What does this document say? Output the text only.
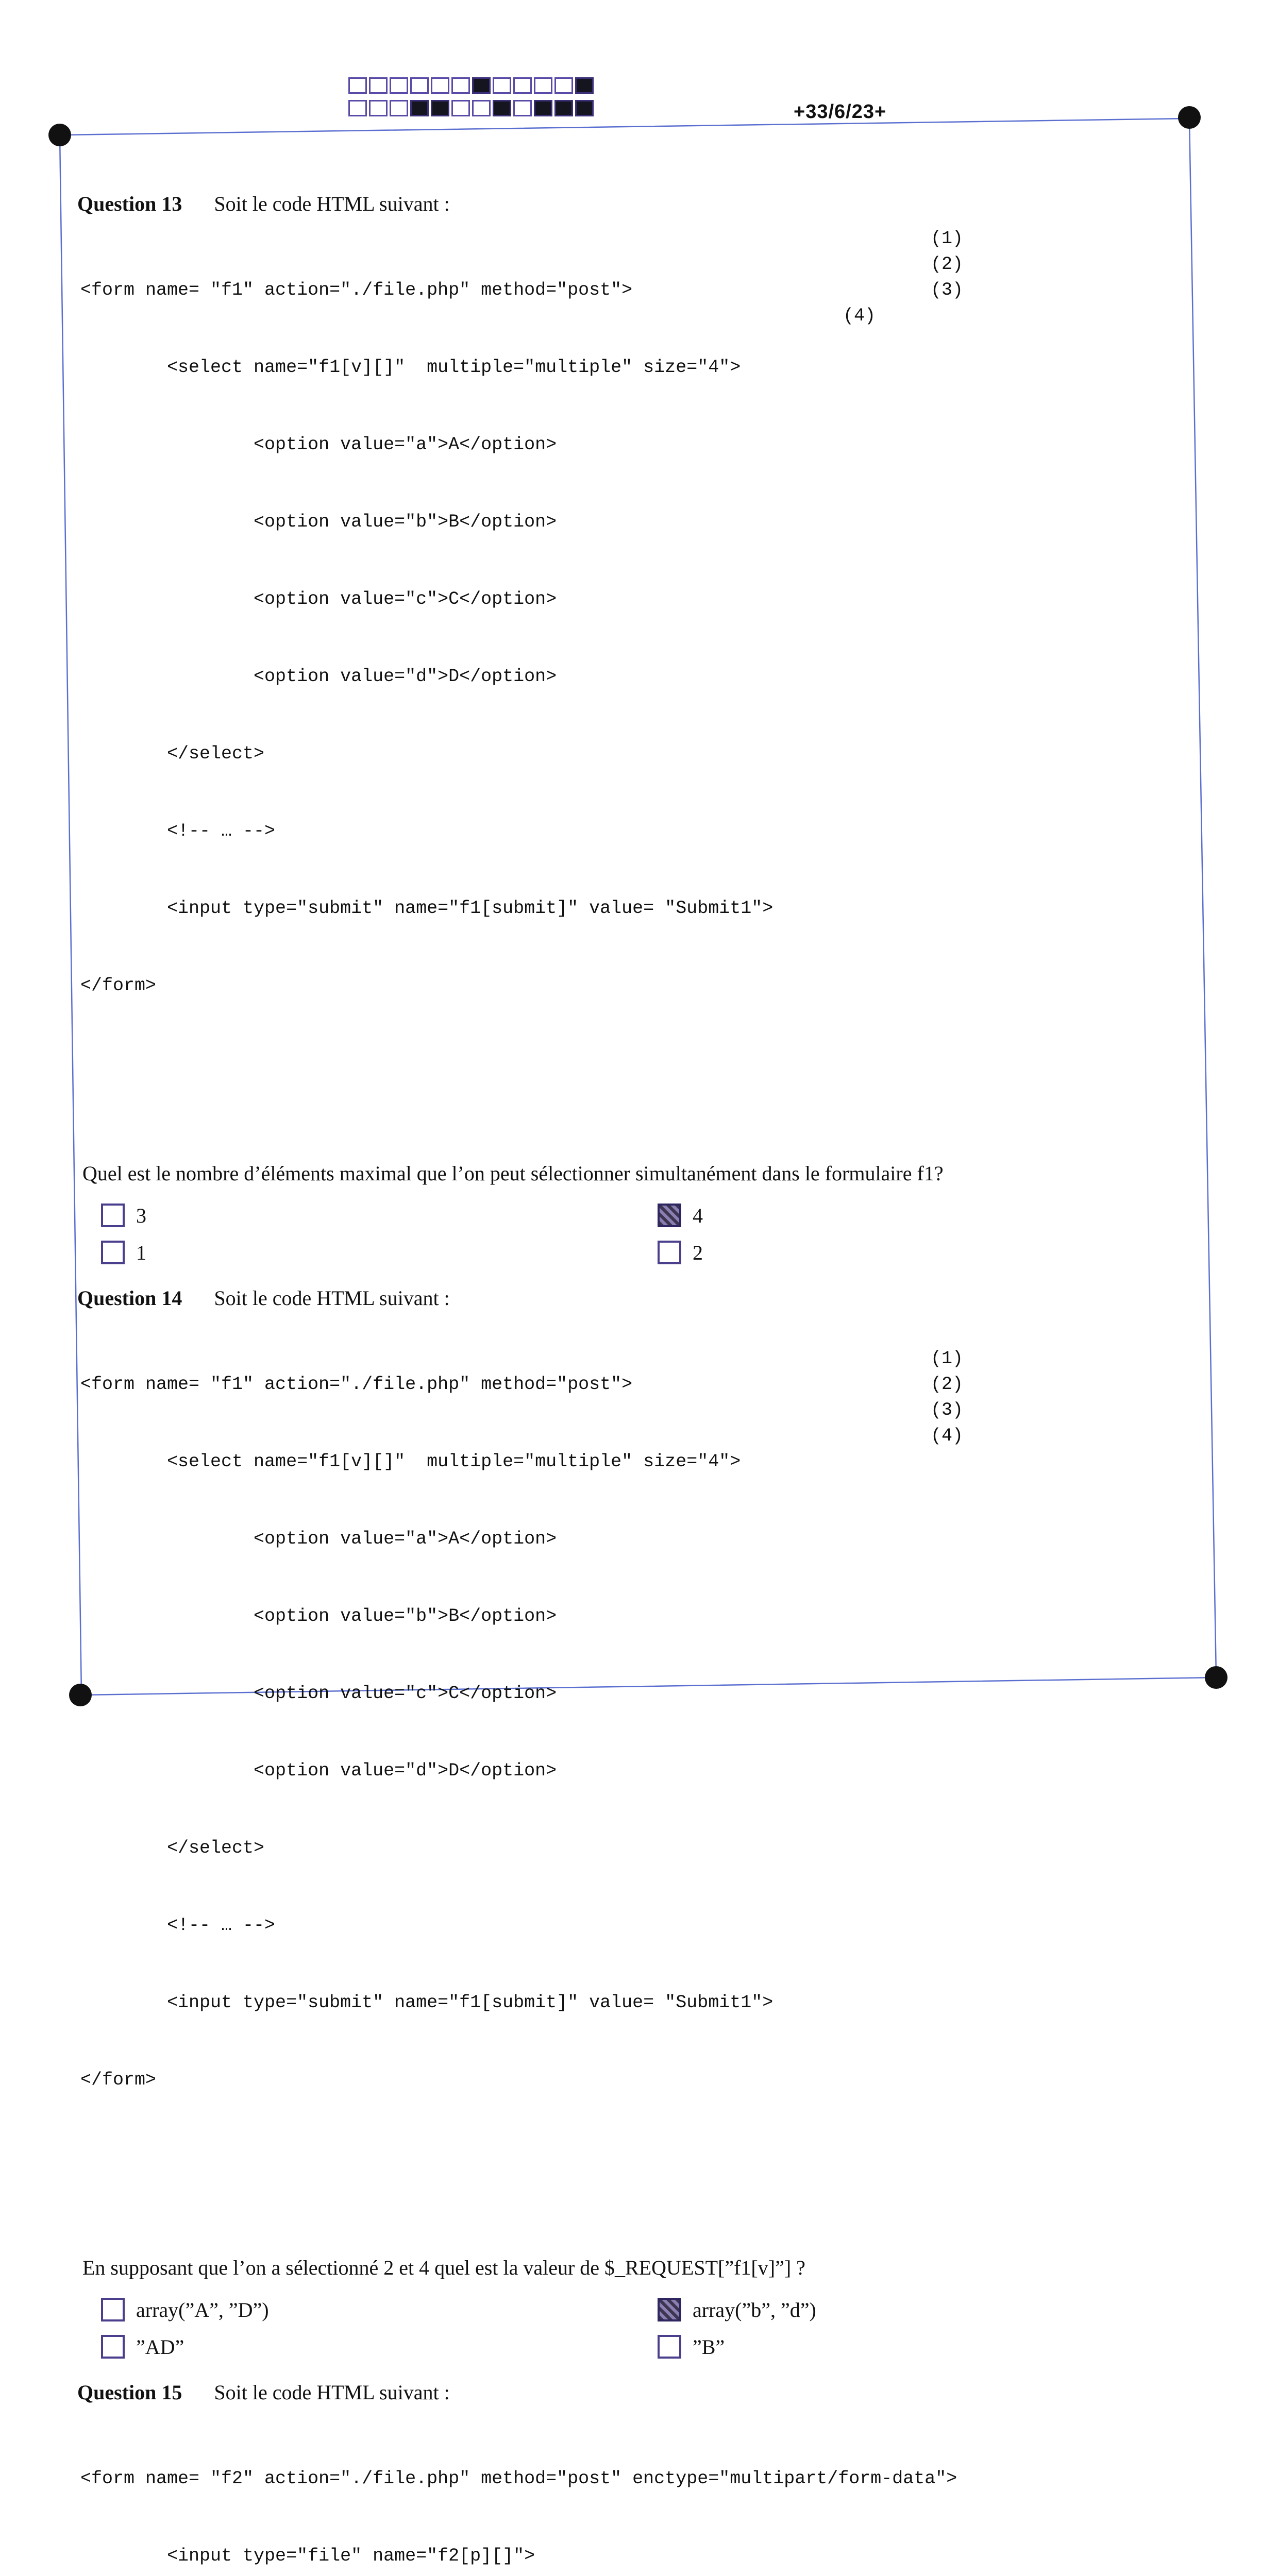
+33/6/23+
Question 13 Soit le code HTML suivant :

<form name= "f1" action="./file.php" method="post">

<select name="f1[v][]"  multiple="multiple" size="4">

<option value="a">A</option>

<option value="b">B</option>

<option value="c">C</option>

<option value="d">D</option>

</select>

<!-- … -->

<input type="submit" name="f1[submit]" value= "Submit1">

</form>

(1)

(2)

(3)

(4)

Quel est le nombre d’éléments maximal que l’on peut sélectionner simultanément dans le formulaire f1?
3	4
1	2
Question 14 Soit le code HTML suivant :

<form name= "f1" action="./file.php" method="post">

<select name="f1[v][]"  multiple="multiple" size="4">

<option value="a">A</option>

<option value="b">B</option>

<option value="c">C</option>

<option value="d">D</option>

</select>

<!-- … -->

<input type="submit" name="f1[submit]" value= "Submit1">

</form>

(1)

(2)

(3)

(4)

En supposant que l’on a sélectionné 2 et 4 quel est la valeur de $_REQUEST[”f1[v]”] ?
array(”A”, ”D”)	array(”b”, ”d”)
”AD”	”B”
Question 15 Soit le code HTML suivant :

<form name= "f2" action="./file.php" method="post" enctype="multipart/form-data">

<input type="file" name="f2[p][]">
